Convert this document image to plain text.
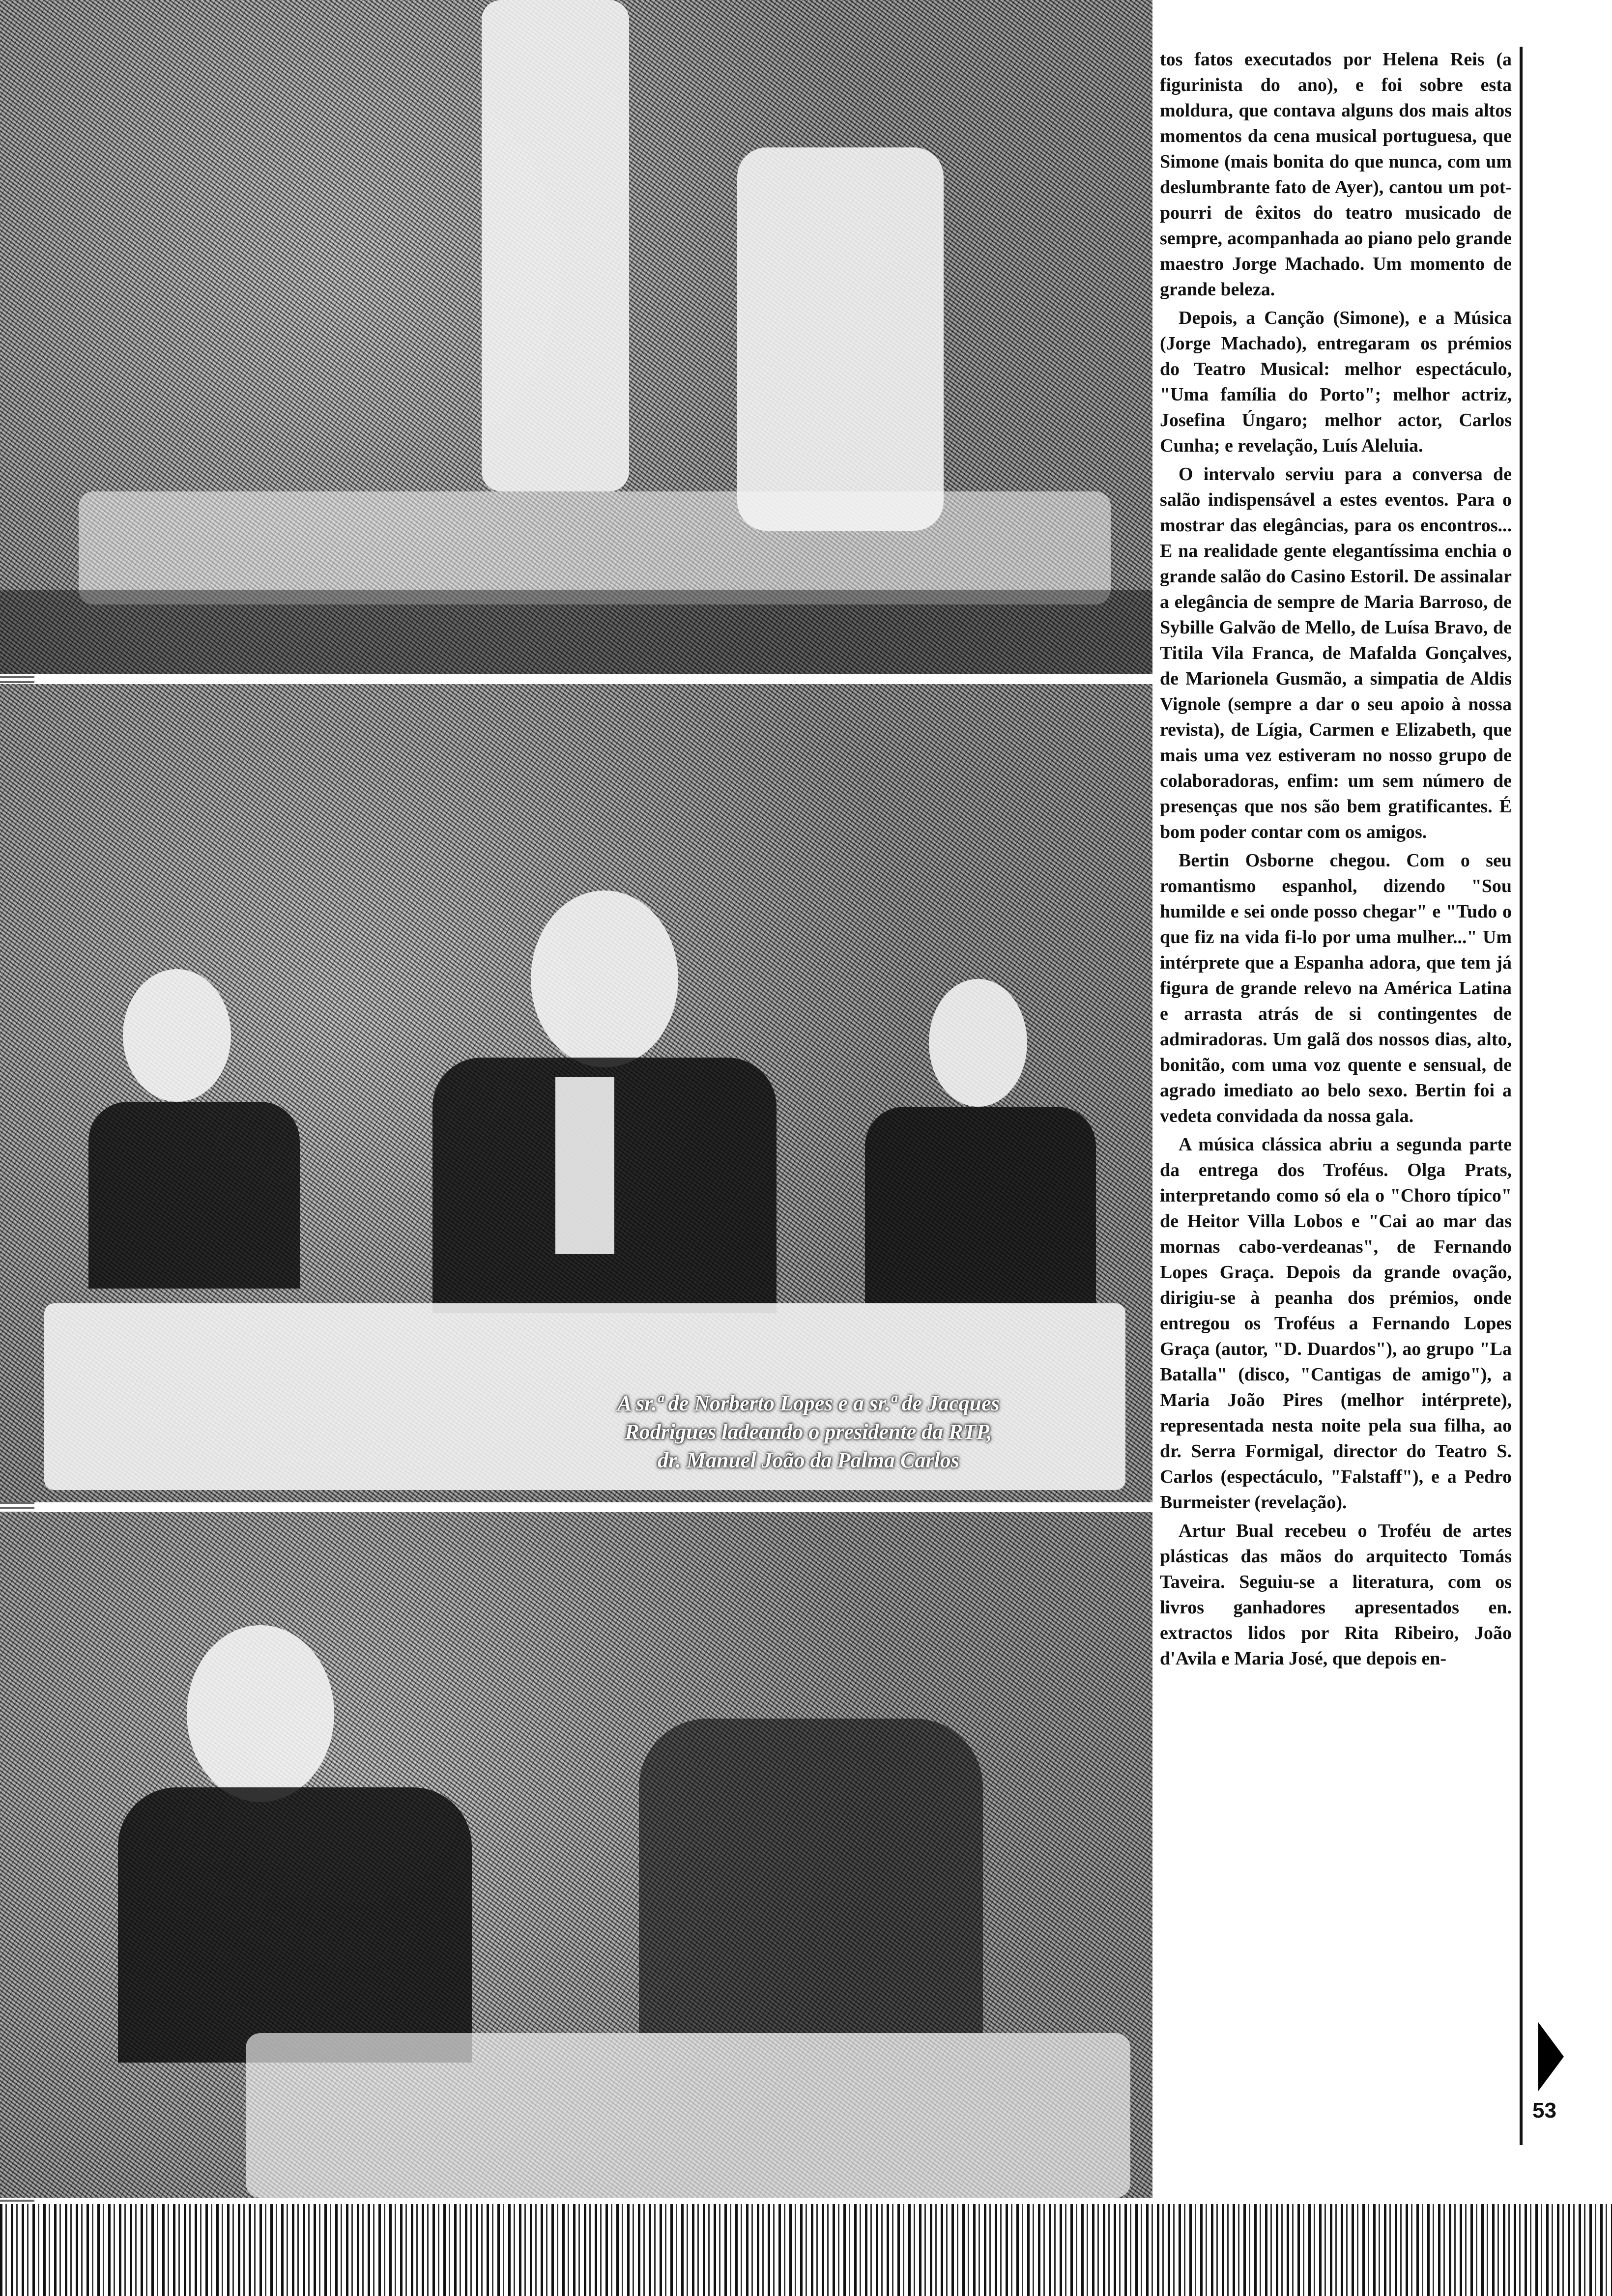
A sr.ª de Norberto Lopes e a sr.ª de Jacques Rodrigues ladeando o presidente da RTP, dr. Manuel João da Palma Carlos

tos fatos executados por Helena Reis (a figurinista do ano), e foi sobre esta moldura, que contava alguns dos mais altos momentos da cena musical portuguesa, que Simone (mais bonita do que nunca, com um deslumbrante fato de Ayer), cantou um pot-pourri de êxitos do teatro musicado de sempre, acompanhada ao piano pelo grande maestro Jorge Machado. Um momento de grande beleza.

Depois, a Canção (Simone), e a Música (Jorge Machado), entregaram os prémios do Teatro Musical: melhor espectáculo, "Uma família do Porto"; melhor actriz, Josefina Úngaro; melhor actor, Carlos Cunha; e revelação, Luís Aleluia.

O intervalo serviu para a conversa de salão indispensável a estes eventos. Para o mostrar das elegâncias, para os encontros... E na realidade gente elegantíssima enchia o grande salão do Casino Estoril. De assinalar a elegância de sempre de Maria Barroso, de Sybille Galvão de Mello, de Luísa Bravo, de Titila Vila Franca, de Mafalda Gonçalves, de Marionela Gusmão, a simpatia de Aldis Vignole (sempre a dar o seu apoio à nossa revista), de Lígia, Carmen e Elizabeth, que mais uma vez estiveram no nosso grupo de colaboradoras, enfim: um sem número de presenças que nos são bem gratificantes. É bom poder contar com os amigos.

Bertin Osborne chegou. Com o seu romantismo espanhol, dizendo "Sou humilde e sei onde posso chegar" e "Tudo o que fiz na vida fi-lo por uma mulher..." Um intérprete que a Espanha adora, que tem já figura de grande relevo na América Latina e arrasta atrás de si contingentes de admiradoras. Um galã dos nossos dias, alto, bonitão, com uma voz quente e sensual, de agrado imediato ao belo sexo. Bertin foi a vedeta convidada da nossa gala.

A música clássica abriu a segunda parte da entrega dos Troféus. Olga Prats, interpretando como só ela o "Choro típico" de Heitor Villa Lobos e "Cai ao mar das mornas cabo-verdeanas", de Fernando Lopes Graça. Depois da grande ovação, dirigiu-se à peanha dos prémios, onde entregou os Troféus a Fernando Lopes Graça (autor, "D. Duardos"), ao grupo "La Batalla" (disco, "Cantigas de amigo"), a Maria João Pires (melhor intérprete), representada nesta noite pela sua filha, ao dr. Serra Formigal, director do Teatro S. Carlos (espectáculo, "Falstaff"), e a Pedro Burmeister (revelação).

Artur Bual recebeu o Troféu de artes plásticas das mãos do arquitecto Tomás Taveira. Seguiu-se a literatura, com os livros ganhadores apresentados en. extractos lidos por Rita Ribeiro, João d'Avila e Maria José, que depois en-

53
